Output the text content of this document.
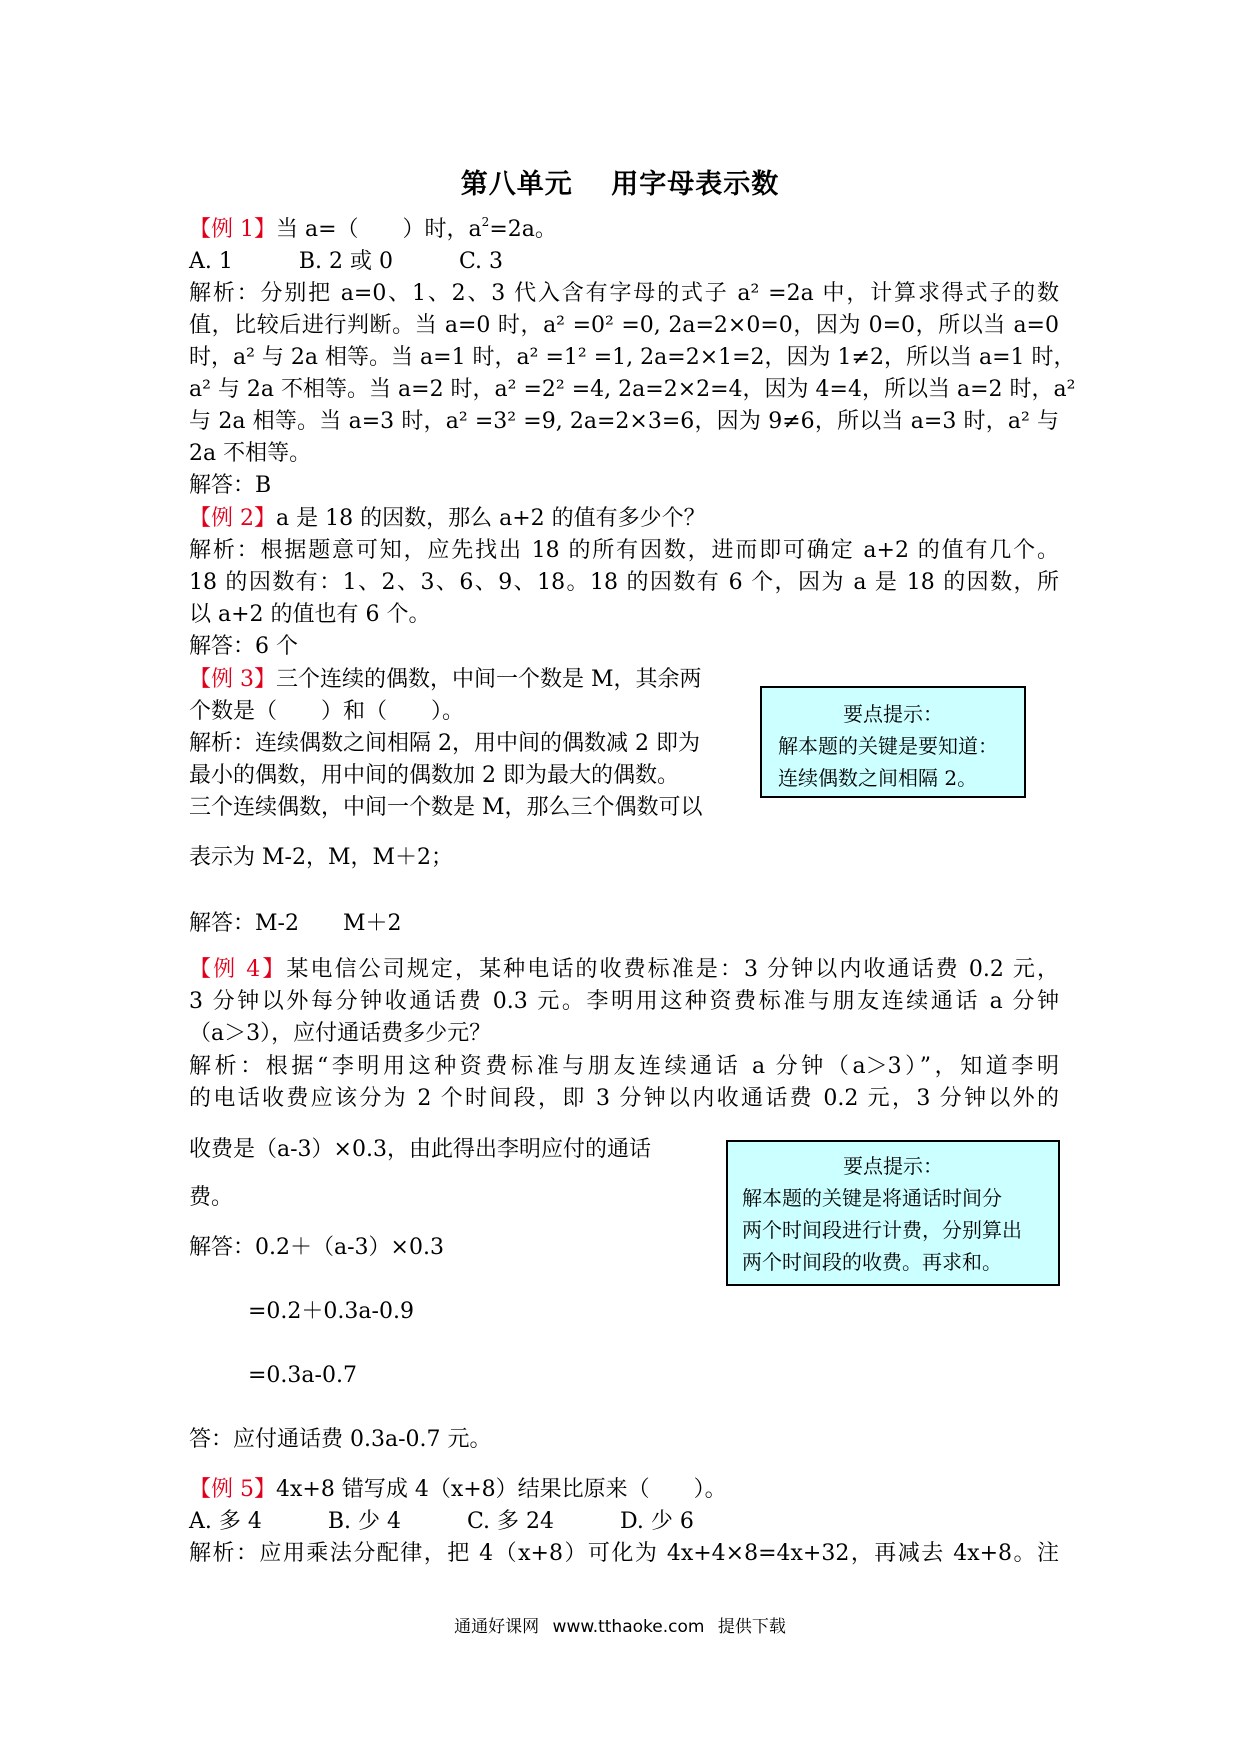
第八单元 用字母表示数
【例 1】当 a=（　　）时，$a^2=2a$。
A. 1　　　B. 2 或 0　　　C. 3
解析：分别把 a=0、1、2、3 代入含有字母的式子 a² =2a 中，计算求得式子的数
值，比较后进行判断。当 a=0 时，a² =0² =0, 2a=2×0=0，因为 0=0，所以当 a=0
时，a² 与 2a 相等。当 a=1 时，a² =1² =1, 2a=2×1=2，因为 1≠2，所以当 a=1 时，
a² 与 2a 不相等。当 a=2 时，a² =2² =4, 2a=2×2=4，因为 4=4，所以当 a=2 时，a²
与 2a 相等。当 a=3 时，a² =3² =9, 2a=2×3=6，因为 9≠6，所以当 a=3 时，a² 与
2a 不相等。
解答：B
【例 2】a 是 18 的因数，那么 a+2 的值有多少个？
解析：根据题意可知，应先找出 18 的所有因数，进而即可确定 a+2 的值有几个。
18 的因数有：1、2、3、6、9、18。18 的因数有 6 个，因为 a 是 18 的因数，所
以 a+2 的值也有 6 个。
解答：6 个
【例 3】三个连续的偶数，中间一个数是 M，其余两
个数是（　　）和（　　）。
解析：连续偶数之间相隔 2，用中间的偶数减 2 即为
最小的偶数，用中间的偶数加 2 即为最大的偶数。
三个连续偶数，中间一个数是 M，那么三个偶数可以
表示为 M-2，M，M＋2；
解答：M-2　　M＋2
要点提示：
解本题的关键是要知道：
连续偶数之间相隔 2。
【例 4】某电信公司规定，某种电话的收费标准是：3 分钟以内收通话费 0.2 元，
3 分钟以外每分钟收通话费 0.3 元。李明用这种资费标准与朋友连续通话 a 分钟
（a＞3），应付通话费多少元？
解析：根据“李明用这种资费标准与朋友连续通话 a 分钟（a＞3）”，知道李明
的电话收费应该分为 2 个时间段，即 3 分钟以内收通话费 0.2 元，3 分钟以外的
收费是（a-3）×0.3，由此得出李明应付的通话
费。
解答：0.2＋（a-3）×0.3
=0.2＋0.3a-0.9
=0.3a-0.7
答：应付通话费 0.3a-0.7 元。
要点提示：
解本题的关键是将通话时间分
两个时间段进行计费，分别算出
两个时间段的收费。再求和。
【例 5】4x+8 错写成 4（x+8）结果比原来（　　）。
A. 多 4　　　B. 少 4　　　C. 多 24　　　D. 少 6
解析：应用乘法分配律，把 4（x+8）可化为 4x+4×8=4x+32，再减去 4x+8。注
通通好课网 www.tthaoke.com 提供下载
